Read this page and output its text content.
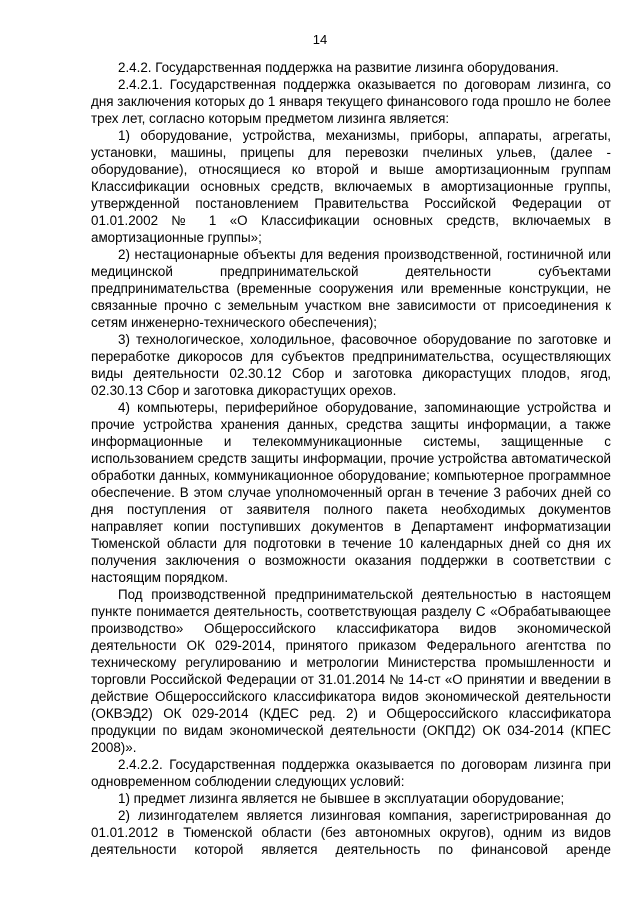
14

2.4.2. Государственная поддержка на развитие лизинга оборудования.

2.4.2.1. Государственная поддержка оказывается по договорам лизинга, со дня заключения которых до 1 января текущего финансового года прошло не более трех лет, согласно которым предметом лизинга является:

1) оборудование, устройства, механизмы, приборы, аппараты, агрегаты, установки, машины, прицепы для перевозки пчелиных ульев, (далее - оборудование), относящиеся ко второй и выше амортизационным группам Классификации основных средств, включаемых в амортизационные группы, утвержденной постановлением Правительства Российской Федерации от 01.01.2002 № 1 «О Классификации основных средств, включаемых в амортизационные группы»;

2) нестационарные объекты для ведения производственной, гостиничной или медицинской предпринимательской деятельности субъектами предпринимательства (временные сооружения или временные конструкции, не связанные прочно с земельным участком вне зависимости от присоединения к сетям инженерно-технического обеспечения);

3) технологическое, холодильное, фасовочное оборудование по заготовке и переработке дикоросов для субъектов предпринимательства, осуществляющих виды деятельности 02.30.12 Сбор и заготовка дикорастущих плодов, ягод, 02.30.13 Сбор и заготовка дикорастущих орехов.

4) компьютеры, периферийное оборудование, запоминающие устройства и прочие устройства хранения данных, средства защиты информации, а также информационные и телекоммуникационные системы, защищенные с использованием средств защиты информации, прочие устройства автоматической обработки данных, коммуникационное оборудование; компьютерное программное обеспечение. В этом случае уполномоченный орган в течение 3 рабочих дней со дня поступления от заявителя полного пакета необходимых документов направляет копии поступивших документов в Департамент информатизации Тюменской области для подготовки в течение 10 календарных дней со дня их получения заключения о возможности оказания поддержки в соответствии с настоящим порядком.

Под производственной предпринимательской деятельностью в настоящем пункте понимается деятельность, соответствующая разделу С «Обрабатывающее производство» Общероссийского классификатора видов экономической деятельности ОК 029-2014, принятого приказом Федерального агентства по техническому регулированию и метрологии Министерства промышленности и торговли Российской Федерации от 31.01.2014 № 14-ст «О принятии и введении в действие Общероссийского классификатора видов экономической деятельности (ОКВЭД2) ОК 029-2014 (КДЕС ред. 2) и Общероссийского классификатора продукции по видам экономической деятельности (ОКПД2) ОК 034-2014 (КПЕС 2008)».

2.4.2.2. Государственная поддержка оказывается по договорам лизинга при одновременном соблюдении следующих условий:

1) предмет лизинга является не бывшее в эксплуатации оборудование;

2) лизингодателем является лизинговая компания, зарегистрированная до 01.01.2012 в Тюменской области (без автономных округов), одним из видов деятельности которой является деятельность по финансовой аренде
